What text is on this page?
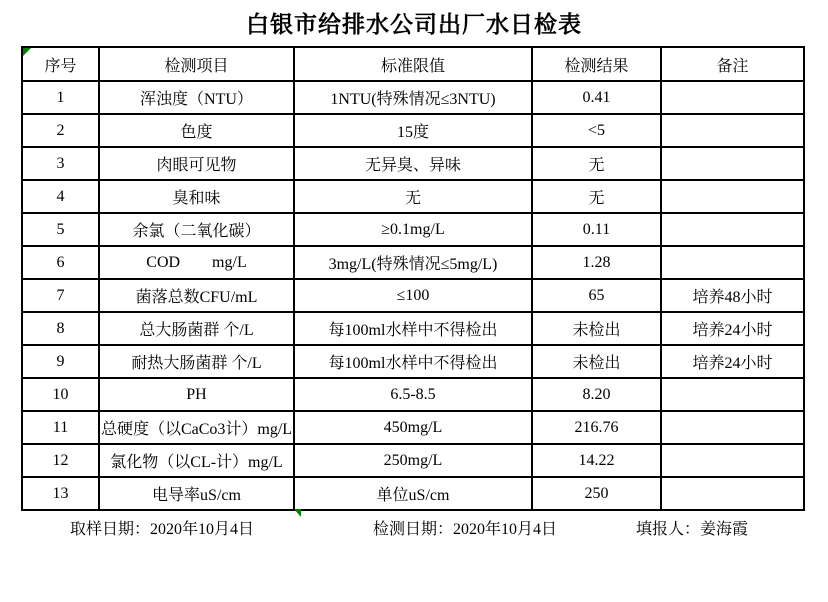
白银市给排水公司出厂水日检表
序号	检测项目	标准限值	检测结果	备注
1	浑浊度（NTU）	1NTU(特殊情况≤3NTU)	0.41	
2	色度	15度	<5	
3	肉眼可见物	无异臭、异味	无	
4	臭和味	无	无	
5	余氯（二氧化碳）	≥0.1mg/L	0.11	
6	COD        mg/L	3mg/L(特殊情况≤5mg/L)	1.28	
7	菌落总数CFU/mL	≤100	65	培养48小时
8	总大肠菌群 个/L	每100ml水样中不得检出	未检出	培养24小时
9	耐热大肠菌群 个/L	每100ml水样中不得检出	未检出	培养24小时
10	PH	6.5-8.5	8.20	
11	总硬度（以CaCo3计）mg/L	450mg/L	216.76	
12	氯化物（以CL-计）mg/L	250mg/L	14.22	
13	电导率uS/cm	单位uS/cm	250	
取样日期：2020年10月4日	检测日期：2020年10月4日	填报人：姜海霞
